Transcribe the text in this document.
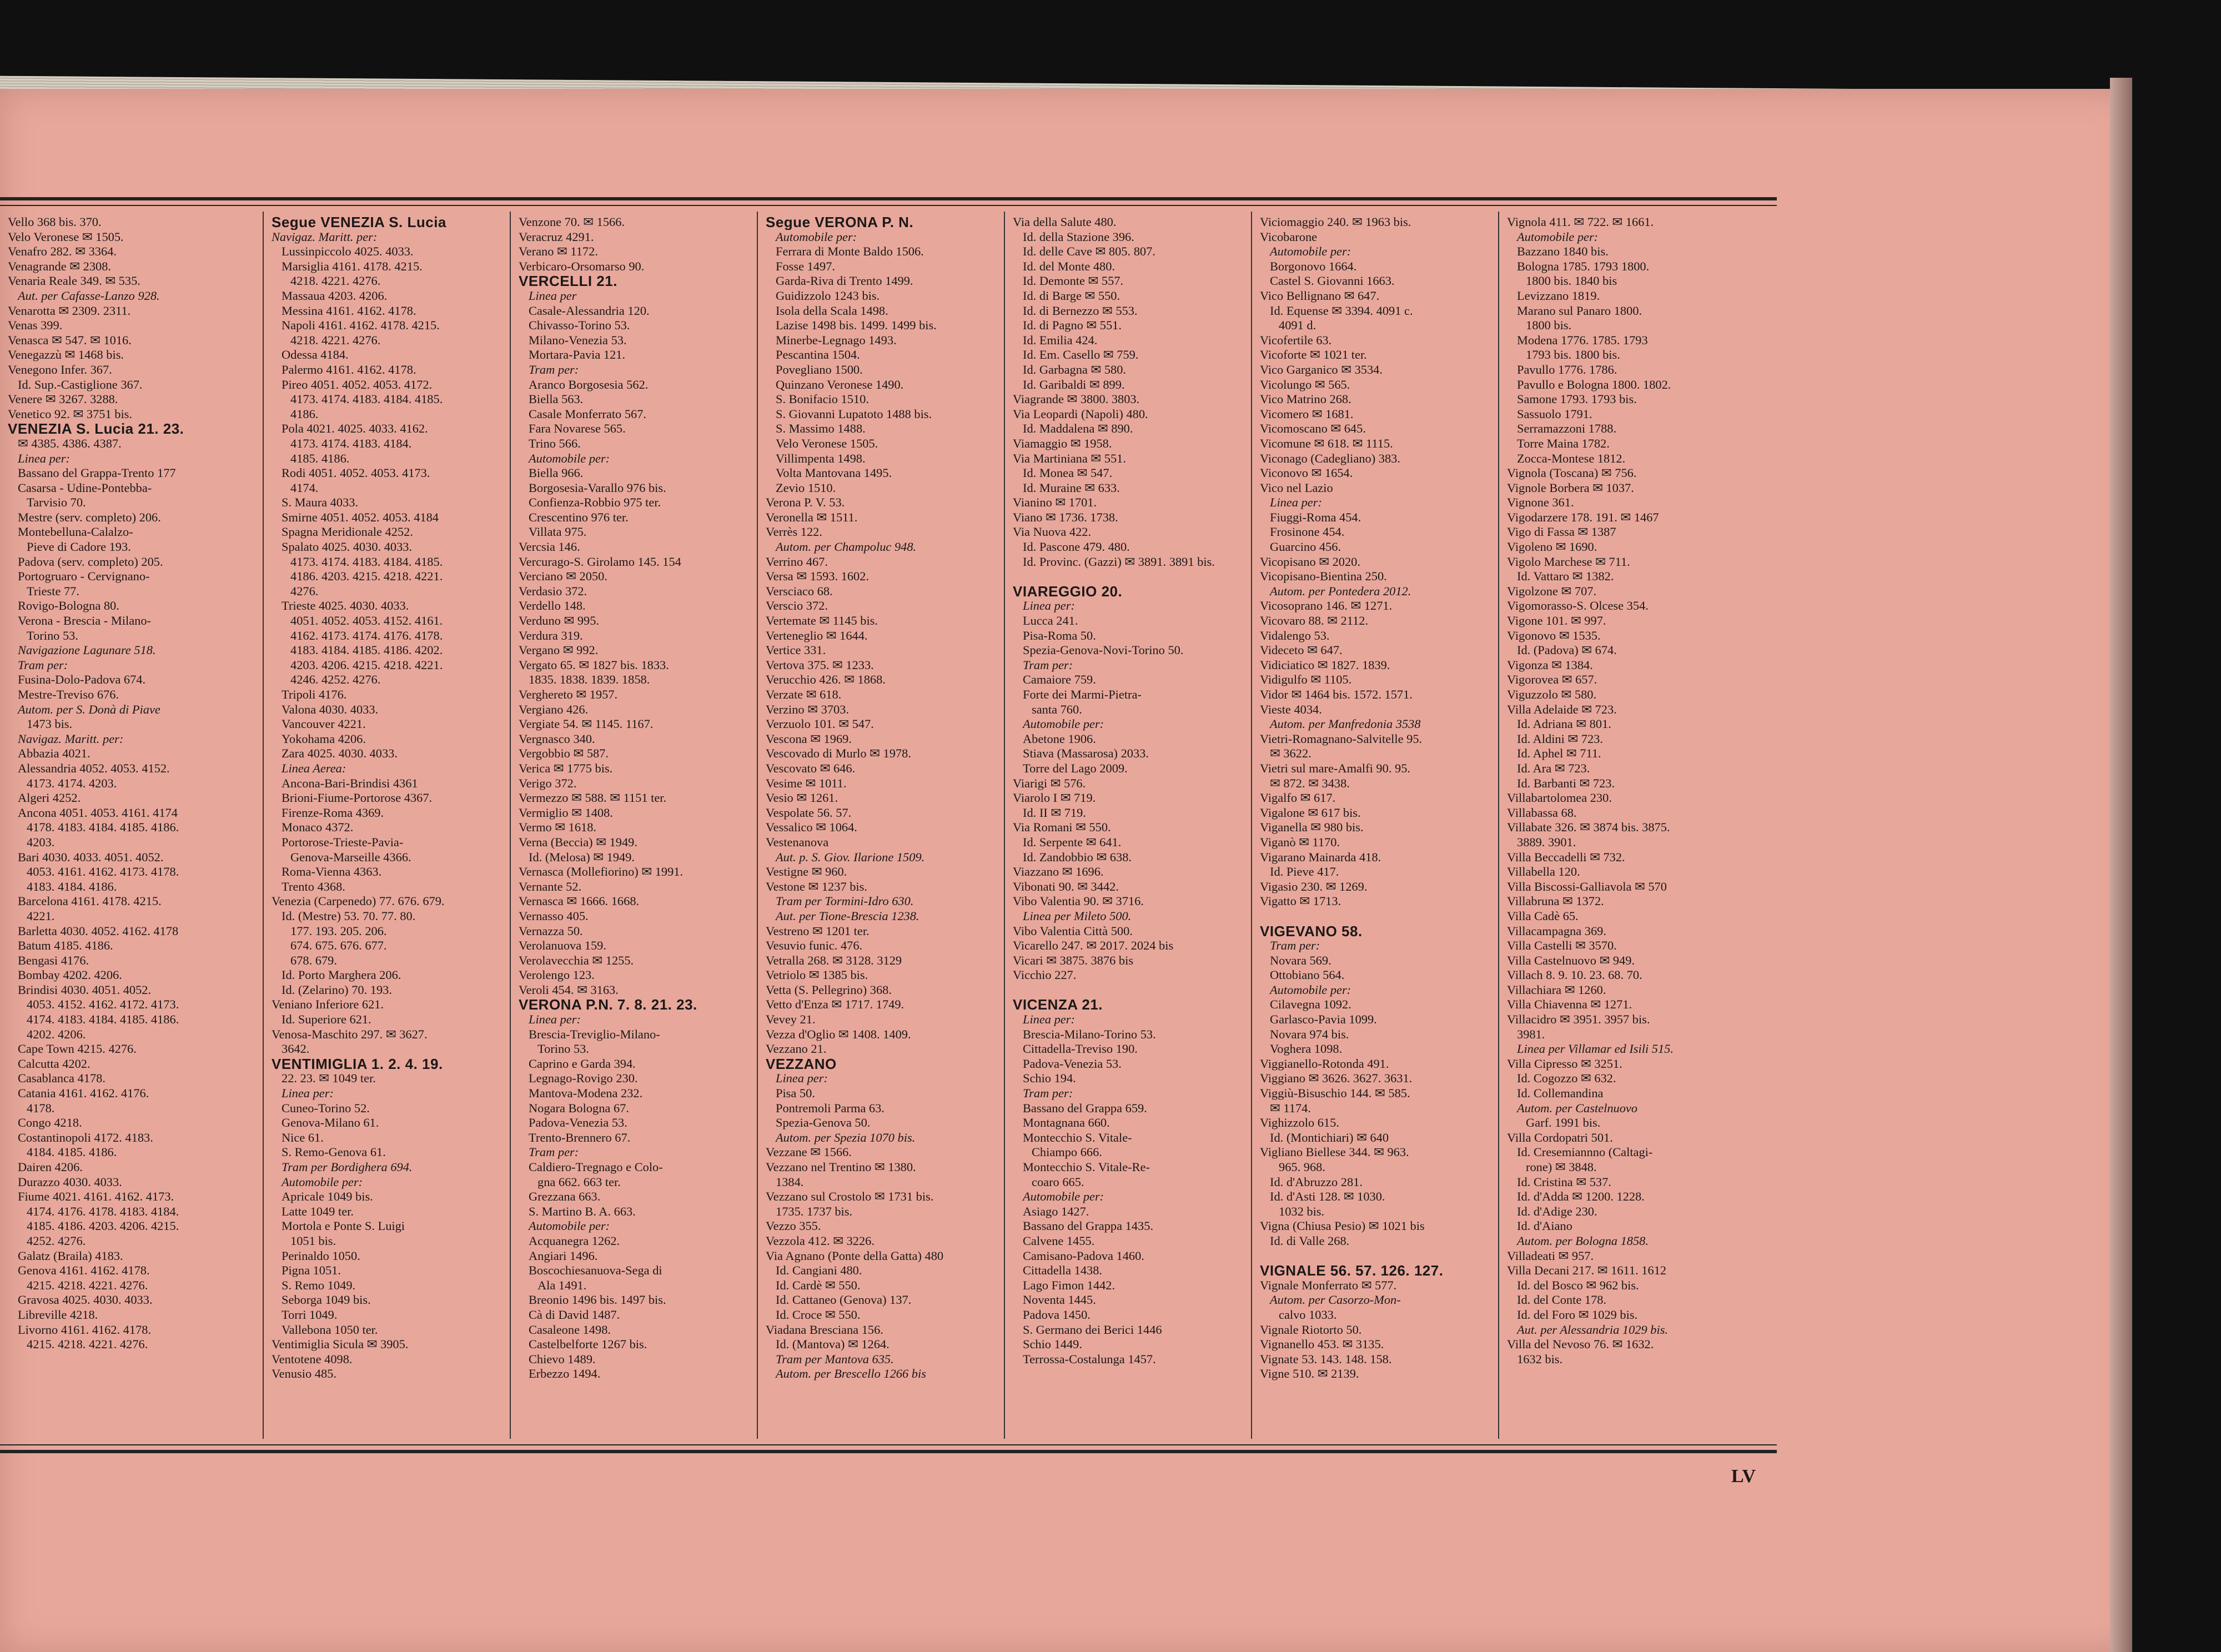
Vello 368 bis. 370.
Velo Veronese ✉ 1505.
Venafro 282. ✉ 3364.
Venagrande ✉ 2308.
Venaria Reale 349. ✉ 535.
Aut. per Cafasse-Lanzo 928.
Venarotta ✉ 2309. 2311.
Venas 399.
Venasca ✉ 547. ✉ 1016.
Venegazzù ✉ 1468 bis.
Venegono Infer. 367.
Id. Sup.-Castiglione 367.
Venere ✉ 3267. 3288.
Venetico 92. ✉ 3751 bis.
VENEZIA S. Lucia 21. 23.
✉ 4385. 4386. 4387.
Linea per:
Bassano del Grappa-Trento 177
Casarsa - Udine-Pontebba-
Tarvisio 70.
Mestre (serv. completo) 206.
Montebelluna-Calalzo-
Pieve di Cadore 193.
Padova (serv. completo) 205.
Portogruaro - Cervignano-
Trieste 77.
Rovigo-Bologna 80.
Verona - Brescia - Milano-
Torino 53.
Navigazione Lagunare 518.
Tram per:
Fusina-Dolo-Padova 674.
Mestre-Treviso 676.
Autom. per S. Donà di Piave
1473 bis.
Navigaz. Maritt. per:
Abbazia 4021.
Alessandria 4052. 4053. 4152.
4173. 4174. 4203.
Algeri 4252.
Ancona 4051. 4053. 4161. 4174
4178. 4183. 4184. 4185. 4186.
4203.
Bari 4030. 4033. 4051. 4052.
4053. 4161. 4162. 4173. 4178.
4183. 4184. 4186.
Barcelona 4161. 4178. 4215.
4221.
Barletta 4030. 4052. 4162. 4178
Batum 4185. 4186.
Bengasi 4176.
Bombay 4202. 4206.
Brindisi 4030. 4051. 4052.
4053. 4152. 4162. 4172. 4173.
4174. 4183. 4184. 4185. 4186.
4202. 4206.
Cape Town 4215. 4276.
Calcutta 4202.
Casablanca 4178.
Catania 4161. 4162. 4176.
4178.
Congo 4218.
Costantinopoli 4172. 4183.
4184. 4185. 4186.
Dairen 4206.
Durazzo 4030. 4033.
Fiume 4021. 4161. 4162. 4173.
4174. 4176. 4178. 4183. 4184.
4185. 4186. 4203. 4206. 4215.
4252. 4276.
Galatz (Braila) 4183.
Genova 4161. 4162. 4178.
4215. 4218. 4221. 4276.
Gravosa 4025. 4030. 4033.
Libreville 4218.
Livorno 4161. 4162. 4178.
4215. 4218. 4221. 4276.
Segue VENEZIA S. Lucia
Navigaz. Maritt. per:
Lussinpiccolo 4025. 4033.
Marsiglia 4161. 4178. 4215.
4218. 4221. 4276.
Massaua 4203. 4206.
Messina 4161. 4162. 4178.
Napoli 4161. 4162. 4178. 4215.
4218. 4221. 4276.
Odessa 4184.
Palermo 4161. 4162. 4178.
Pireo 4051. 4052. 4053. 4172.
4173. 4174. 4183. 4184. 4185.
4186.
Pola 4021. 4025. 4033. 4162.
4173. 4174. 4183. 4184.
4185. 4186.
Rodi 4051. 4052. 4053. 4173.
4174.
S. Maura 4033.
Smirne 4051. 4052. 4053. 4184
Spagna Meridionale 4252.
Spalato 4025. 4030. 4033.
4173. 4174. 4183. 4184. 4185.
4186. 4203. 4215. 4218. 4221.
4276.
Trieste 4025. 4030. 4033.
4051. 4052. 4053. 4152. 4161.
4162. 4173. 4174. 4176. 4178.
4183. 4184. 4185. 4186. 4202.
4203. 4206. 4215. 4218. 4221.
4246. 4252. 4276.
Tripoli 4176.
Valona 4030. 4033.
Vancouver 4221.
Yokohama 4206.
Zara 4025. 4030. 4033.
Linea Aerea:
Ancona-Bari-Brindisi 4361
Brioni-Fiume-Portorose 4367.
Firenze-Roma 4369.
Monaco 4372.
Portorose-Trieste-Pavia-
Genova-Marseille 4366.
Roma-Vienna 4363.
Trento 4368.
Venezia (Carpenedo) 77. 676. 679.
Id. (Mestre) 53. 70. 77. 80.
177. 193. 205. 206.
674. 675. 676. 677.
678. 679.
Id. Porto Marghera 206.
Id. (Zelarino) 70. 193.
Veniano Inferiore 621.
Id. Superiore 621.
Venosa-Maschito 297. ✉ 3627.
3642.
VENTIMIGLIA 1. 2. 4. 19.
22. 23. ✉ 1049 ter.
Linea per:
Cuneo-Torino 52.
Genova-Milano 61.
Nice 61.
S. Remo-Genova 61.
Tram per Bordighera 694.
Automobile per:
Apricale 1049 bis.
Latte 1049 ter.
Mortola e Ponte S. Luigi
1051 bis.
Perinaldo 1050.
Pigna 1051.
S. Remo 1049.
Seborga 1049 bis.
Torri 1049.
Vallebona 1050 ter.
Ventimiglia Sicula ✉ 3905.
Ventotene 4098.
Venusio 485.
Venzone 70. ✉ 1566.
Veracruz 4291.
Verano ✉ 1172.
Verbicaro-Orsomarso 90.
VERCELLI 21.
Linea per
Casale-Alessandria 120.
Chivasso-Torino 53.
Milano-Venezia 53.
Mortara-Pavia 121.
Tram per:
Aranco Borgosesia 562.
Biella 563.
Casale Monferrato 567.
Fara Novarese 565.
Trino 566.
Automobile per:
Biella 966.
Borgosesia-Varallo 976 bis.
Confienza-Robbio 975 ter.
Crescentino 976 ter.
Villata 975.
Vercsia 146.
Vercurago-S. Girolamo 145. 154
Verciano ✉ 2050.
Verdasio 372.
Verdello 148.
Verduno ✉ 995.
Verdura 319.
Vergano ✉ 992.
Vergato 65. ✉ 1827 bis. 1833.
1835. 1838. 1839. 1858.
Verghereto ✉ 1957.
Vergiano 426.
Vergiate 54. ✉ 1145. 1167.
Vergnasco 340.
Vergobbio ✉ 587.
Verica ✉ 1775 bis.
Verigo 372.
Vermezzo ✉ 588. ✉ 1151 ter.
Vermiglio ✉ 1408.
Vermo ✉ 1618.
Verna (Beccia) ✉ 1949.
Id. (Melosa) ✉ 1949.
Vernasca (Mollefiorino) ✉ 1991.
Vernante 52.
Vernasca ✉ 1666. 1668.
Vernasso 405.
Vernazza 50.
Verolanuova 159.
Verolavecchia ✉ 1255.
Verolengo 123.
Veroli 454. ✉ 3163.
VERONA P.N. 7. 8. 21. 23.
Linea per:
Brescia-Treviglio-Milano-
Torino 53.
Caprino e Garda 394.
Legnago-Rovigo 230.
Mantova-Modena 232.
Nogara Bologna 67.
Padova-Venezia 53.
Trento-Brennero 67.
Tram per:
Caldiero-Tregnago e Colo-
gna 662. 663 ter.
Grezzana 663.
S. Martino B. A. 663.
Automobile per:
Acquanegra 1262.
Angiari 1496.
Boscochiesanuova-Sega di
Ala 1491.
Breonio 1496 bis. 1497 bis.
Cà di David 1487.
Casaleone 1498.
Castelbelforte 1267 bis.
Chievo 1489.
Erbezzo 1494.
Segue VERONA P. N.
Automobile per:
Ferrara di Monte Baldo 1506.
Fosse 1497.
Garda-Riva di Trento 1499.
Guidizzolo 1243 bis.
Isola della Scala 1498.
Lazise 1498 bis. 1499. 1499 bis.
Minerbe-Legnago 1493.
Pescantina 1504.
Povegliano 1500.
Quinzano Veronese 1490.
S. Bonifacio 1510.
S. Giovanni Lupatoto 1488 bis.
S. Massimo 1488.
Velo Veronese 1505.
Villimpenta 1498.
Volta Mantovana 1495.
Zevio 1510.
Verona P. V. 53.
Veronella ✉ 1511.
Verrès 122.
Autom. per Champoluc 948.
Verrino 467.
Versa ✉ 1593. 1602.
Versciaco 68.
Verscio 372.
Vertemate ✉ 1145 bis.
Verteneglio ✉ 1644.
Vertice 331.
Vertova 375. ✉ 1233.
Verucchio 426. ✉ 1868.
Verzate ✉ 618.
Verzino ✉ 3703.
Verzuolo 101. ✉ 547.
Vescona ✉ 1969.
Vescovado di Murlo ✉ 1978.
Vescovato ✉ 646.
Vesime ✉ 1011.
Vesio ✉ 1261.
Vespolate 56. 57.
Vessalico ✉ 1064.
Vestenanova
Aut. p. S. Giov. Ilarione 1509.
Vestigne ✉ 960.
Vestone ✉ 1237 bis.
Tram per Tormini-Idro 630.
Aut. per Tione-Brescia 1238.
Vestreno ✉ 1201 ter.
Vesuvio funic. 476.
Vetralla 268. ✉ 3128. 3129
Vetriolo ✉ 1385 bis.
Vetta (S. Pellegrino) 368.
Vetto d'Enza ✉ 1717. 1749.
Vevey 21.
Vezza d'Oglio ✉ 1408. 1409.
Vezzano 21.
VEZZANO
Linea per:
Pisa 50.
Pontremoli Parma 63.
Spezia-Genova 50.
Autom. per Spezia 1070 bis.
Vezzane ✉ 1566.
Vezzano nel Trentino ✉ 1380.
1384.
Vezzano sul Crostolo ✉ 1731 bis.
1735. 1737 bis.
Vezzo 355.
Vezzola 412. ✉ 3226.
Via Agnano (Ponte della Gatta) 480
Id. Cangiani 480.
Id. Cardè ✉ 550.
Id. Cattaneo (Genova) 137.
Id. Croce ✉ 550.
Viadana Bresciana 156.
Id. (Mantova) ✉ 1264.
Tram per Mantova 635.
Autom. per Brescello 1266 bis
Via della Salute 480.
Id. della Stazione 396.
Id. delle Cave ✉ 805. 807.
Id. del Monte 480.
Id. Demonte ✉ 557.
Id. di Barge ✉ 550.
Id. di Bernezzo ✉ 553.
Id. di Pagno ✉ 551.
Id. Emilia 424.
Id. Em. Casello ✉ 759.
Id. Garbagna ✉ 580.
Id. Garibaldi ✉ 899.
Viagrande ✉ 3800. 3803.
Via Leopardi (Napoli) 480.
Id. Maddalena ✉ 890.
Viamaggio ✉ 1958.
Via Martiniana ✉ 551.
Id. Monea ✉ 547.
Id. Muraine ✉ 633.
Vianino ✉ 1701.
Viano ✉ 1736. 1738.
Via Nuova 422.
Id. Pascone 479. 480.
Id. Provinc. (Gazzi) ✉ 3891. 3891 bis.

VIAREGGIO 20.
Linea per:
Lucca 241.
Pisa-Roma 50.
Spezia-Genova-Novi-Torino 50.
Tram per:
Camaiore 759.
Forte dei Marmi-Pietra-
santa 760.
Automobile per:
Abetone 1906.
Stiava (Massarosa) 2033.
Torre del Lago 2009.
Viarigi ✉ 576.
Viarolo I ✉ 719.
Id. II ✉ 719.
Via Romani ✉ 550.
Id. Serpente ✉ 641.
Id. Zandobbio ✉ 638.
Viazzano ✉ 1696.
Vibonati 90. ✉ 3442.
Vibo Valentia 90. ✉ 3716.
Linea per Mileto 500.
Vibo Valentia Città 500.
Vicarello 247. ✉ 2017. 2024 bis
Vicari ✉ 3875. 3876 bis
Vicchio 227.

VICENZA 21.
Linea per:
Brescia-Milano-Torino 53.
Cittadella-Treviso 190.
Padova-Venezia 53.
Schio 194.
Tram per:
Bassano del Grappa 659.
Montagnana 660.
Montecchio S. Vitale-
Chiampo 666.
Montecchio S. Vitale-Re-
coaro 665.
Automobile per:
Asiago 1427.
Bassano del Grappa 1435.
Calvene 1455.
Camisano-Padova 1460.
Cittadella 1438.
Lago Fimon 1442.
Noventa 1445.
Padova 1450.
S. Germano dei Berici 1446
Schio 1449.
Terrossa-Costalunga 1457.
Viciomaggio 240. ✉ 1963 bis.
Vicobarone
Automobile per:
Borgonovo 1664.
Castel S. Giovanni 1663.
Vico Bellignano ✉ 647.
Id. Equense ✉ 3394. 4091 c.
4091 d.
Vicofertile 63.
Vicoforte ✉ 1021 ter.
Vico Garganico ✉ 3534.
Vicolungo ✉ 565.
Vico Matrino 268.
Vicomero ✉ 1681.
Vicomoscano ✉ 645.
Vicomune ✉ 618. ✉ 1115.
Viconago (Cadegliano) 383.
Viconovo ✉ 1654.
Vico nel Lazio
Linea per:
Fiuggi-Roma 454.
Frosinone 454.
Guarcino 456.
Vicopisano ✉ 2020.
Vicopisano-Bientina 250.
Autom. per Pontedera 2012.
Vicosoprano 146. ✉ 1271.
Vicovaro 88. ✉ 2112.
Vidalengo 53.
Videceto ✉ 647.
Vidiciatico ✉ 1827. 1839.
Vidigulfo ✉ 1105.
Vidor ✉ 1464 bis. 1572. 1571.
Vieste 4034.
Autom. per Manfredonia 3538
Vietri-Romagnano-Salvitelle 95.
✉ 3622.
Vietri sul mare-Amalfi 90. 95.
✉ 872. ✉ 3438.
Vigalfo ✉ 617.
Vigalone ✉ 617 bis.
Viganella ✉ 980 bis.
Viganò ✉ 1170.
Vigarano Mainarda 418.
Id. Pieve 417.
Vigasio 230. ✉ 1269.
Vigatto ✉ 1713.

VIGEVANO 58.
Tram per:
Novara 569.
Ottobiano 564.
Automobile per:
Cilavegna 1092.
Garlasco-Pavia 1099.
Novara 974 bis.
Voghera 1098.
Viggianello-Rotonda 491.
Viggiano ✉ 3626. 3627. 3631.
Viggiù-Bisuschio 144. ✉ 585.
✉ 1174.
Vighizzolo 615.
Id. (Montichiari) ✉ 640
Vigliano Biellese 344. ✉ 963.
965. 968.
Id. d'Abruzzo 281.
Id. d'Asti 128. ✉ 1030.
1032 bis.
Vigna (Chiusa Pesio) ✉ 1021 bis
Id. di Valle 268.

VIGNALE 56. 57. 126. 127.
Vignale Monferrato ✉ 577.
Autom. per Casorzo-Mon-
calvo 1033.
Vignale Riotorto 50.
Vignanello 453. ✉ 3135.
Vignate 53. 143. 148. 158.
Vigne 510. ✉ 2139.
Vignola 411. ✉ 722. ✉ 1661.
Automobile per:
Bazzano 1840 bis.
Bologna 1785. 1793 1800.
1800 bis. 1840 bis
Levizzano 1819.
Marano sul Panaro 1800.
1800 bis.
Modena 1776. 1785. 1793
1793 bis. 1800 bis.
Pavullo 1776. 1786.
Pavullo e Bologna 1800. 1802.
Samone 1793. 1793 bis.
Sassuolo 1791.
Serramazzoni 1788.
Torre Maina 1782.
Zocca-Montese 1812.
Vignola (Toscana) ✉ 756.
Vignole Borbera ✉ 1037.
Vignone 361.
Vigodarzere 178. 191. ✉ 1467
Vigo di Fassa ✉ 1387
Vigoleno ✉ 1690.
Vigolo Marchese ✉ 711.
Id. Vattaro ✉ 1382.
Vigolzone ✉ 707.
Vigomorasso-S. Olcese 354.
Vigone 101. ✉ 997.
Vigonovo ✉ 1535.
Id. (Padova) ✉ 674.
Vigonza ✉ 1384.
Vigorovea ✉ 657.
Viguzzolo ✉ 580.
Villa Adelaide ✉ 723.
Id. Adriana ✉ 801.
Id. Aldini ✉ 723.
Id. Aphel ✉ 711.
Id. Ara ✉ 723.
Id. Barbanti ✉ 723.
Villabartolomea 230.
Villabassa 68.
Villabate 326. ✉ 3874 bis. 3875.
3889. 3901.
Villa Beccadelli ✉ 732.
Villabella 120.
Villa Biscossi-Galliavola ✉ 570
Villabruna ✉ 1372.
Villa Cadè 65.
Villacampagna 369.
Villa Castelli ✉ 3570.
Villa Castelnuovo ✉ 949.
Villach 8. 9. 10. 23. 68. 70.
Villachiara ✉ 1260.
Villa Chiavenna ✉ 1271.
Villacidro ✉ 3951. 3957 bis.
3981.
Linea per Villamar ed Isili 515.
Villa Cipresso ✉ 3251.
Id. Cogozzo ✉ 632.
Id. Collemandina
Autom. per Castelnuovo
Garf. 1991 bis.
Villa Cordopatri 501.
Id. Cresemiannno (Caltagi-
rone) ✉ 3848.
Id. Cristina ✉ 537.
Id. d'Adda ✉ 1200. 1228.
Id. d'Adige 230.
Id. d'Aiano
Autom. per Bologna 1858.
Villadeati ✉ 957.
Villa Decani 217. ✉ 1611. 1612
Id. del Bosco ✉ 962 bis.
Id. del Conte 178.
Id. del Foro ✉ 1029 bis.
Aut. per Alessandria 1029 bis.
Villa del Nevoso 76. ✉ 1632.
1632 bis.
LV
